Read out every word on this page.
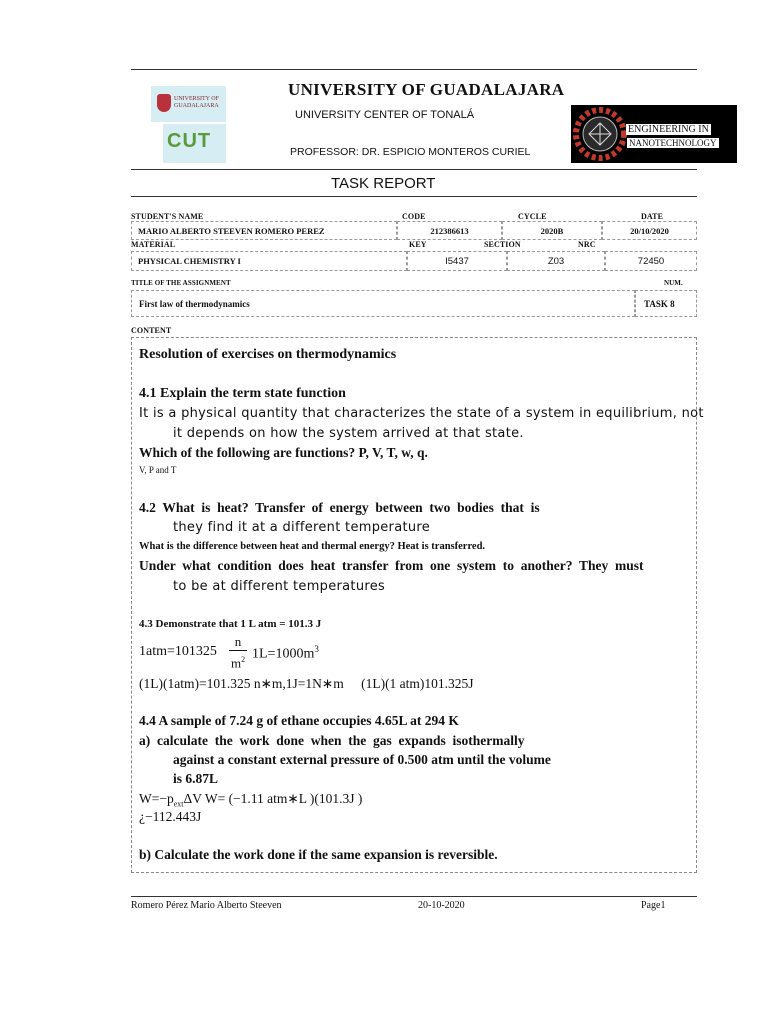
UNIVERSITY OF GUADALAJARA
CUT
UNIVERSITY OF GUADALAJARA
UNIVERSITY CENTER OF TONALÁ
PROFESSOR: DR. ESPICIO MONTEROS CURIEL
ENGINEERING IN
NANOTECHNOLOGY
TASK REPORT
STUDENT'S NAME	CODE	CYCLE	DATE
MARIO ALBERTO STEEVEN ROMERO PEREZ	212386613	2020B	20/10/2020
MATERIAL	KEY	SECTION	NRC
PHYSICAL CHEMISTRY I	I5437	Z03	72450
TITLE OF THE ASSIGNMENT	NUM.
First law of thermodynamics	TASK 8
CONTENT
Resolution of exercises on thermodynamics
4.1 Explain the term state function
It is a physical quantity that characterizes the state of a system in equilibrium, not
it depends on how the system arrived at that state.
Which of the following are functions? P, V, T, w, q.
V, P and T
4.2  What  is  heat?  Transfer  of  energy  between  two  bodies  that  is
they find it at a different temperature
What is the difference between heat and thermal energy? Heat is transferred.
Under  what  condition  does  heat  transfer  from  one  system  to  another?  They  must
to be at different temperatures
4.3 Demonstrate that 1 L atm = 101.3 J
1atm=101325
n
$m^2$ $1L=1000m^3$
(1L)(1atm)=101.325 n∗m,1J=1N∗m (1L)(1 atm)101.325J
4.4 A sample of 7.24 g of ethane occupies 4.65L at 294 K
a)  calculate  the  work  done  when  the  gas  expands  isothermally
against a constant external pressure of 0.500 atm until the volume
is 6.87L
$W=-p_{ext}\Delta V$ W= (−1.11 atm∗L )(101.3J )
¿−112.443J
b) Calculate the work done if the same expansion is reversible.
Romero Pérez Mario Alberto Steeven	20-10-2020	Page1
